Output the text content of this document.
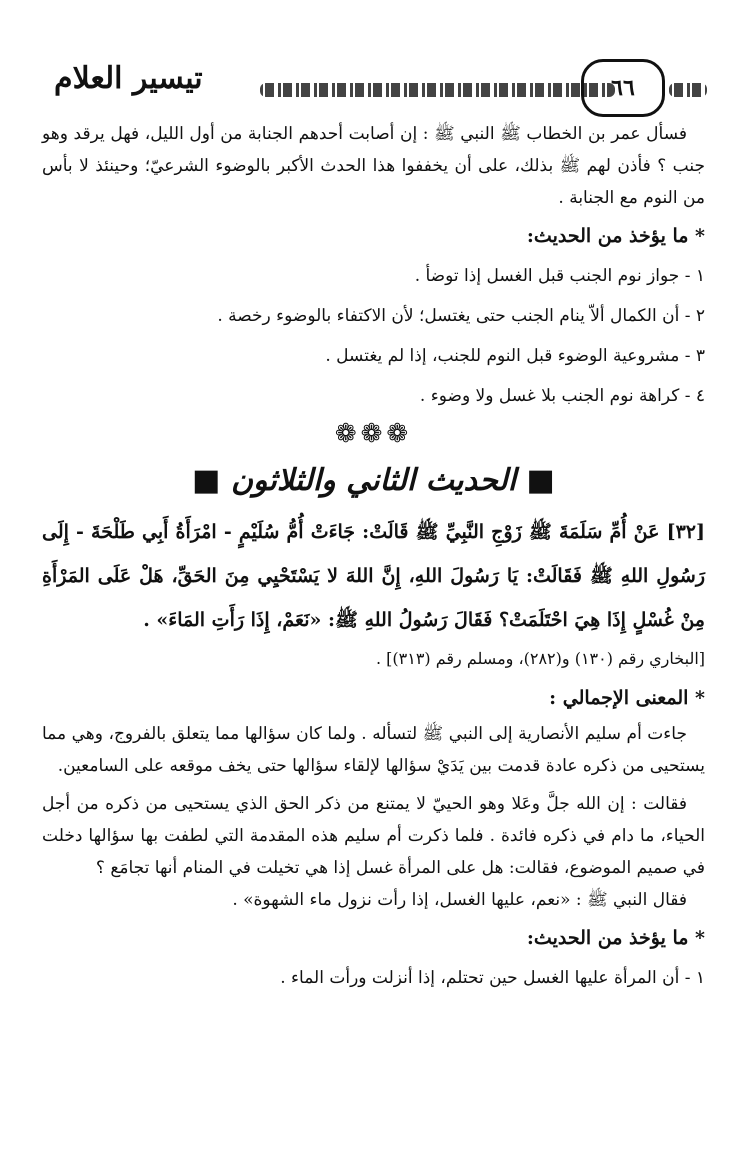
تيسير العلام	٦٦

فسأل عمر بن الخطاب ﷺ النبي ﷺ : إن أصابت أحدهم الجنابة من أول الليل، فهل يرقد وهو جنب ؟ فأذن لهم ﷺ بذلك، على أن يخففوا هذا الحدث الأكبر بالوضوء الشرعيّ؛ وحينئذ لا بأس من النوم مع الجنابة .

* ما يؤخذ من الحديث:

١ - جواز نوم الجنب قبل الغسل إذا توضأ .

٢ - أن الكمال ألاّ ينام الجنب حتى يغتسل؛ لأن الاكتفاء بالوضوء رخصة .

٣ - مشروعية الوضوء قبل النوم للجنب، إذا لم يغتسل .

٤ - كراهة نوم الجنب بلا غسل ولا وضوء .

❁❁❁

■ الحديث الثاني والثلاثون ■

[٣٢] عَنْ أُمِّ سَلَمَةَ ﷺ زَوْجِ النَّبِيِّ ﷺ قَالَتْ: جَاءَتْ أُمُّ سُلَيْمٍ - امْرَأَةُ أَبِي طَلْحَةَ - إِلَى رَسُولِ اللهِ ﷺ فَقَالَتْ: يَا رَسُولَ اللهِ، إِنَّ اللهَ لا يَسْتَحْيِي مِنَ الحَقِّ، هَلْ عَلَى المَرْأَةِ مِنْ غُسْلٍ إِذَا هِيَ احْتَلَمَتْ؟ فَقَالَ رَسُولُ اللهِ ﷺ: «نَعَمْ، إِذَا رَأَتِ المَاءَ» .

[البخاري رقم (١٣٠) و(٢٨٢)، ومسلم رقم (٣١٣)] .

* المعنى الإجمالي :

جاءت أم سليم الأنصارية إلى النبي ﷺ لتسأله . ولما كان سؤالها مما يتعلق بالفروج، وهي مما يستحيى من ذكره عادة قدمت بين يَدَيْ سؤالها لإلقاء سؤالها حتى يخف موقعه على السامعين.

فقالت : إن الله جلَّ وعَلا وهو الحييّ لا يمتنع من ذكر الحق الذي يستحيى من ذكره من أجل الحياء، ما دام في ذكره فائدة . فلما ذكرت أم سليم هذه المقدمة التي لطفت بها سؤالها دخلت في صميم الموضوع، فقالت: هل على المرأة غسل إذا هي تخيلت في المنام أنها تجامَع ؟

فقال النبي ﷺ : «نعم، عليها الغسل، إذا رأت نزول ماء الشهوة» .

* ما يؤخذ من الحديث:

١ - أن المرأة عليها الغسل حين تحتلم، إذا أنزلت ورأت الماء .
